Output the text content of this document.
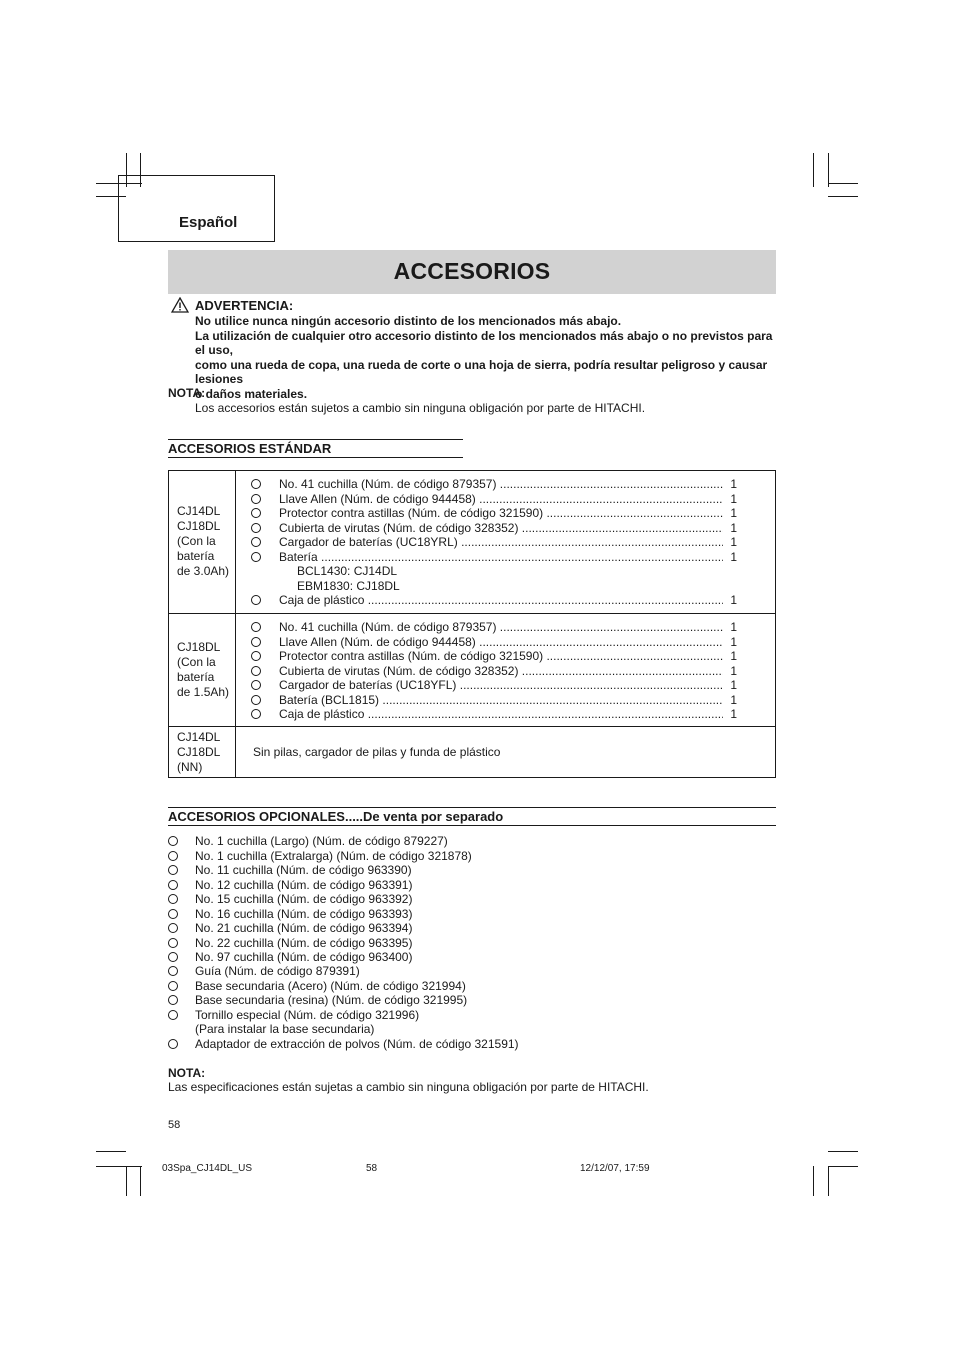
Español
ACCESORIOS
ADVERTENCIA:
No utilice nunca ningún accesorio distinto de los mencionados más abajo.
La utilización de cualquier otro accesorio distinto de los mencionados más abajo o no previstos para el uso,
como una rueda de copa, una rueda de corte o una hoja de sierra, podría resultar peligroso y causar lesiones
o daños materiales.
NOTA:
Los accesorios están sujetos a cambio sin ninguna obligación por parte de HITACHI.
ACCESORIOS ESTÁNDAR
CJ14DL
CJ18DL
(Con la
batería
de 3.0Ah)
No. 41 cuchilla (Núm. de código 879357) .....	1
Llave Allen (Núm. de código 944458) .....	1
Protector contra astillas (Núm. de código 321590) .....	1
Cubierta de virutas (Núm. de código 328352) .....	1
Cargador de baterías (UC18YRL) .....	1
Batería .....	1
BCL1430: CJ14DL
EBM1830: CJ18DL
Caja de plástico .....	1
CJ18DL
(Con la
batería
de 1.5Ah)
No. 41 cuchilla (Núm. de código 879357) .....	1
Llave Allen (Núm. de código 944458) .....	1
Protector contra astillas (Núm. de código 321590) .....	1
Cubierta de virutas (Núm. de código 328352) .....	1
Cargador de baterías (UC18YFL) .....	1
Batería (BCL1815) .....	1
Caja de plástico .....	1
CJ14DL
CJ18DL
(NN)
Sin pilas, cargador de pilas y funda de plástico
ACCESORIOS OPCIONALES.....De venta por separado
No. 1 cuchilla (Largo) (Núm. de código 879227)
No. 1 cuchilla (Extralarga) (Núm. de código 321878)
No. 11 cuchilla (Núm. de código 963390)
No. 12 cuchilla (Núm. de código 963391)
No. 15 cuchilla (Núm. de código 963392)
No. 16 cuchilla (Núm. de código 963393)
No. 21 cuchilla (Núm. de código 963394)
No. 22 cuchilla (Núm. de código 963395)
No. 97 cuchilla (Núm. de código 963400)
Guía (Núm. de código 879391)
Base secundaria (Acero) (Núm. de código 321994)
Base secundaria (resina) (Núm. de código 321995)
Tornillo especial (Núm. de código 321996)
(Para instalar la base secundaria)
Adaptador de extracción de polvos (Núm. de código 321591)
NOTA:
Las especificaciones están sujetas a cambio sin ninguna obligación por parte de HITACHI.
58
03Spa_CJ14DL_US	58	12/12/07, 17:59
